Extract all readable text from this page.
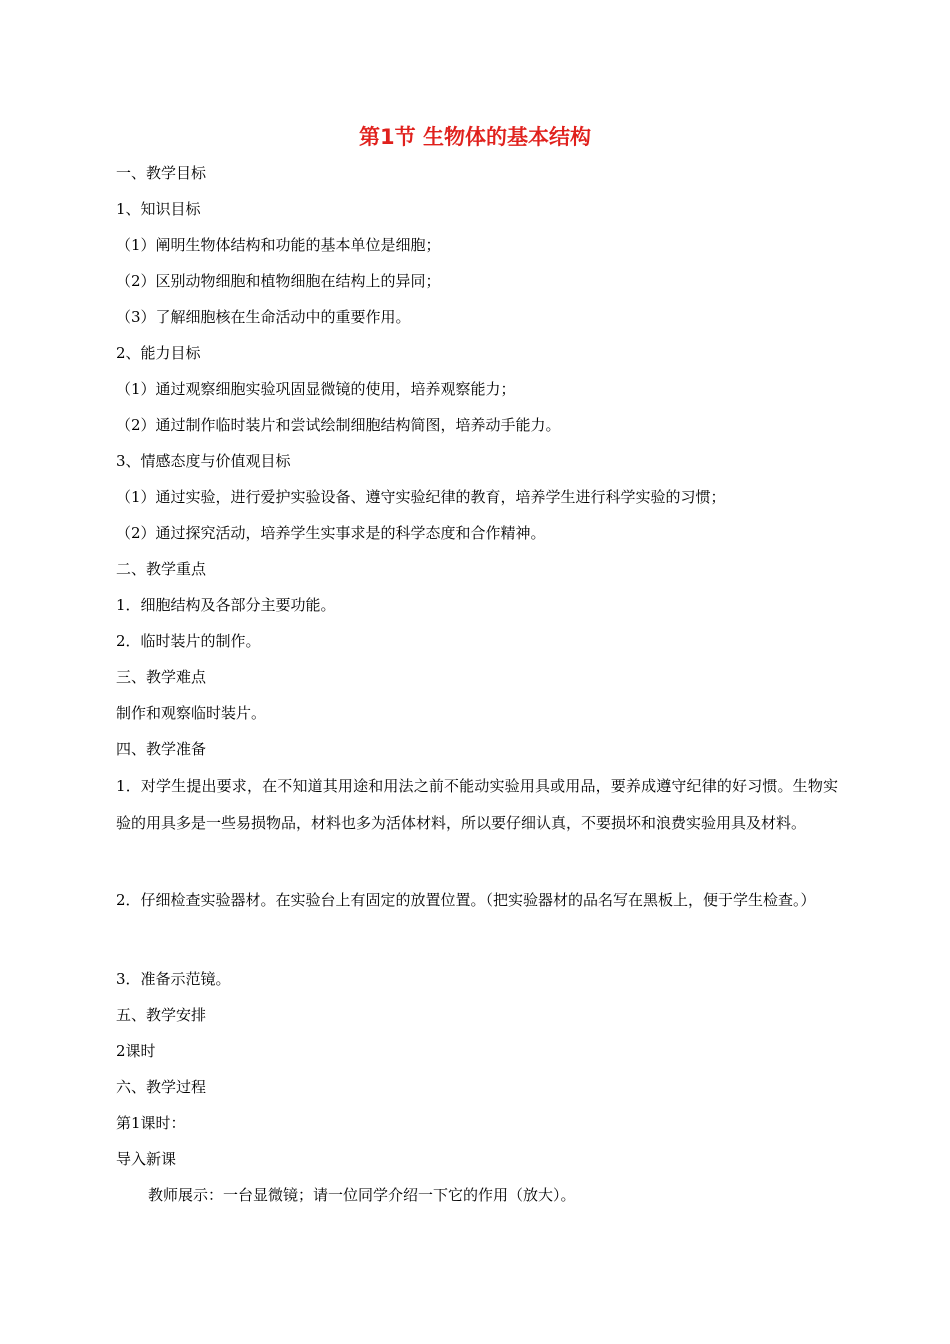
第1节 生物体的基本结构
一、教学目标
1、知识目标
（1）阐明生物体结构和功能的基本单位是细胞；
（2）区别动物细胞和植物细胞在结构上的异同；
（3）了解细胞核在生命活动中的重要作用。
2、能力目标
（1）通过观察细胞实验巩固显微镜的使用，培养观察能力；
（2）通过制作临时装片和尝试绘制细胞结构简图，培养动手能力。
3、情感态度与价值观目标
（1）通过实验，进行爱护实验设备、遵守实验纪律的教育，培养学生进行科学实验的习惯；
（2）通过探究活动，培养学生实事求是的科学态度和合作精神。
二、教学重点
1．细胞结构及各部分主要功能。
2．临时装片的制作。
三、教学难点
制作和观察临时装片。
四、教学准备
1．对学生提出要求，在不知道其用途和用法之前不能动实验用具或用品，要养成遵守纪律的好习惯。生物实验的用具多是一些易损物品，材料也多为活体材料，所以要仔细认真，不要损坏和浪费实验用具及材料。
2．仔细检查实验器材。在实验台上有固定的放置位置。（把实验器材的品名写在黑板上，便于学生检查。）
3．准备示范镜。
五、教学安排
2课时
六、教学过程
第1课时：
导入新课
教师展示：一台显微镜；请一位同学介绍一下它的作用（放大）。
